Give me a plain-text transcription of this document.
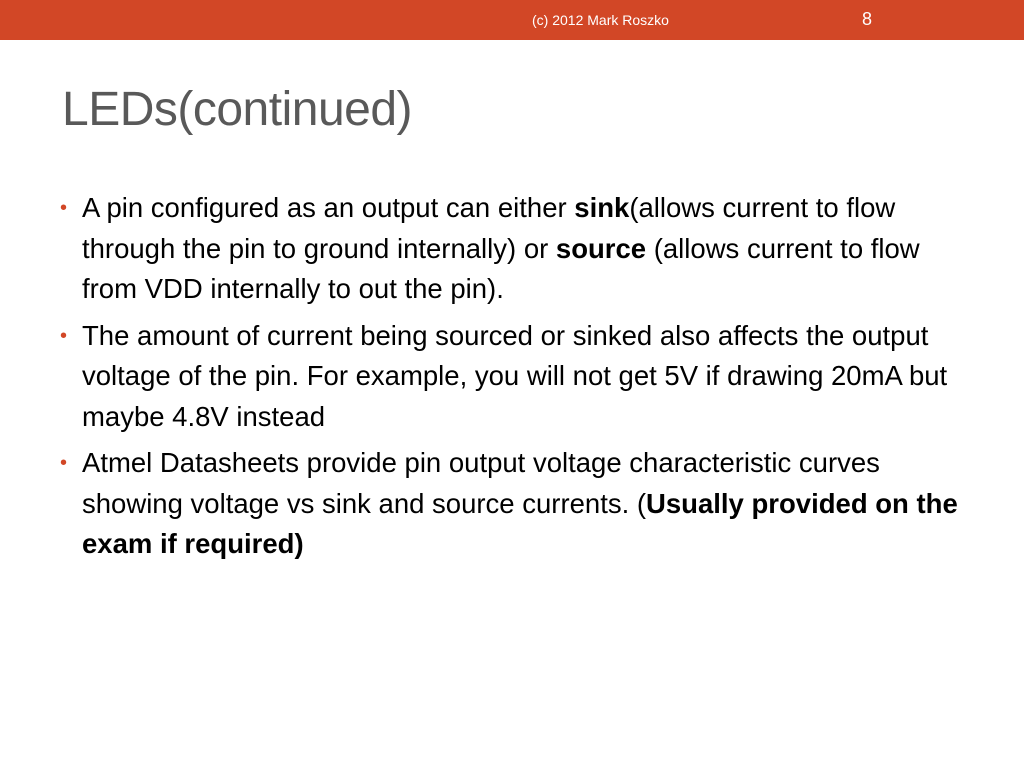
(c) 2012 Mark Roszko	8
LEDs(continued)
•
A pin configured as an output can either sink(allows current to flow through the pin to ground internally) or source (allows current to flow from VDD internally to out the pin).
•
The amount of current being sourced or sinked also affects the output voltage of the pin. For example, you will not get 5V if drawing 20mA but maybe 4.8V instead
•
Atmel Datasheets provide pin output voltage characteristic curves showing voltage vs sink and source currents. (Usually provided on the exam if required)
